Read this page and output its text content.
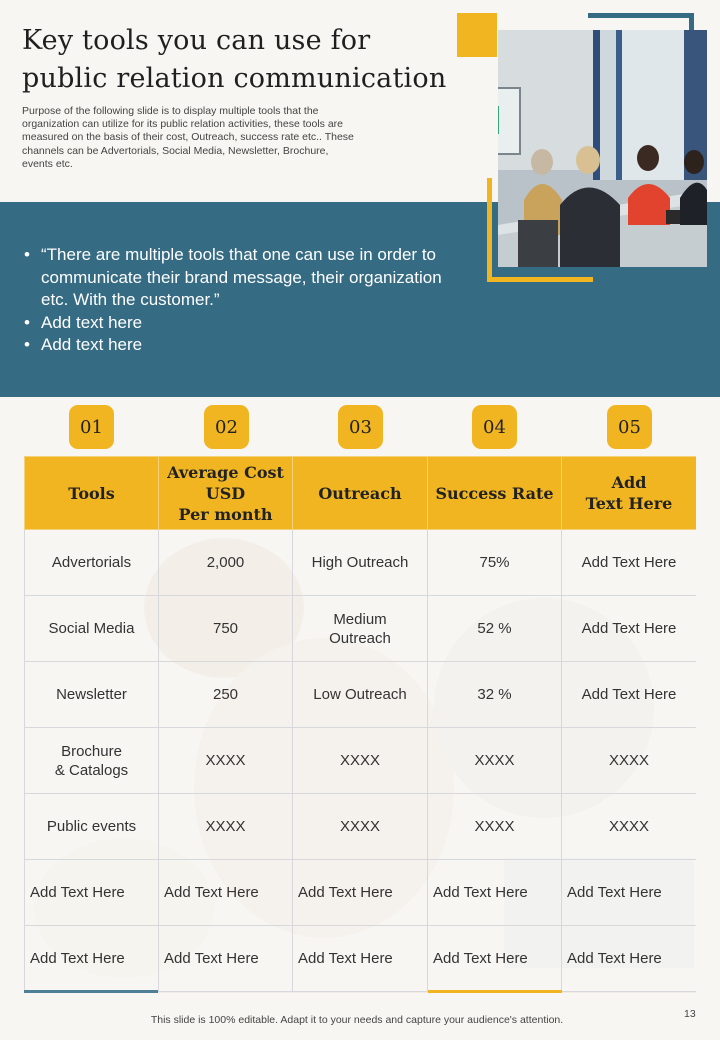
Key tools you can use for
public relation communication
Purpose of the following slide is to display multiple tools that the organization can utilize for its public relation activities, these tools are measured on the basis of their cost, Outreach, success rate etc.. These channels can be Advertorials, Social Media, Newsletter, Brochure, events etc.
• “There are multiple tools that one can use in order to communicate their brand message, their organization etc. With the customer.”
• Add text here
• Add text here
01	02	03	04	05
Tools	Average Cost
USD
Per month	Outreach	Success Rate	Add
Text Here
Advertorials	2,000	High Outreach	75%	Add Text Here
Social Media	750	Medium
Outreach	52 %	Add Text Here
Newsletter	250	Low Outreach	32 %	Add Text Here
Brochure
& Catalogs	XXXX	XXXX	XXXX	XXXX
Public events	XXXX	XXXX	XXXX	XXXX
Add Text Here	Add Text Here	Add Text Here	Add Text Here	Add Text Here
Add Text Here	Add Text Here	Add Text Here	Add Text Here	Add Text Here
This slide is 100% editable. Adapt it to your needs and capture your audience's attention.	13
